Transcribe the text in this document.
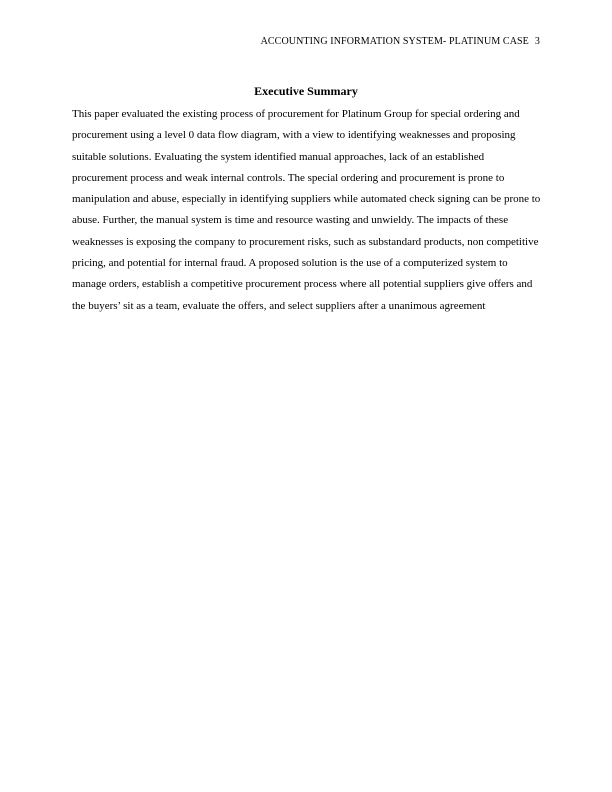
ACCOUNTING INFORMATION SYSTEM- PLATINUM CASE 3
Executive Summary

This paper evaluated the existing process of procurement for Platinum Group for special ordering and procurement using a level 0 data flow diagram, with a view to identifying weaknesses and proposing suitable solutions. Evaluating the system identified manual approaches, lack of an established procurement process and weak internal controls. The special ordering and procurement is prone to manipulation and abuse, especially in identifying suppliers while automated check signing can be prone to abuse. Further, the manual system is time and resource wasting and unwieldy. The impacts of these weaknesses is exposing the company to procurement risks, such as substandard products, non competitive pricing, and potential for internal fraud. A proposed solution is the use of a computerized system to manage orders, establish a competitive procurement process where all potential suppliers give offers and the buyers’ sit as a team, evaluate the offers, and select suppliers after a unanimous agreement
